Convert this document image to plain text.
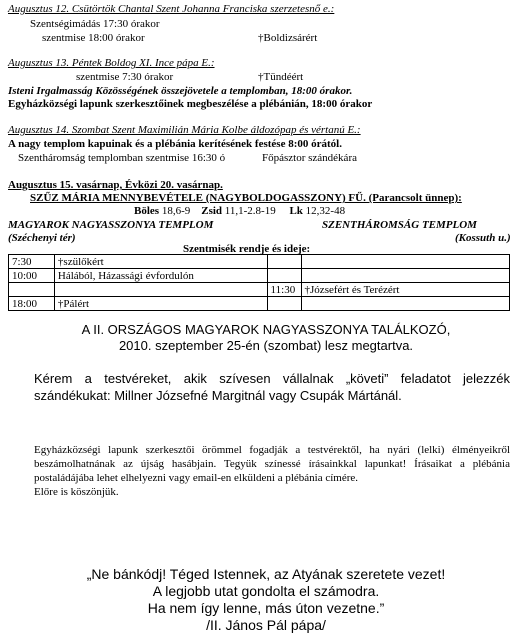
Augusztus 12. Csütörtök Chantal Szent Johanna Franciska szerzetesnő e.:
Szentségimádás 17:30 órakor
szentmise 18:00 órakor	†Boldizsárért
Augusztus 13. Péntek Boldog XI. Ince pápa E.:
szentmise 7:30 órakor	†Tündéért
Isteni Irgalmasság Közösségének összejövetele a templomban, 18:00 órakor.
Egyházközségi lapunk szerkesztőinek megbeszélése a plébánián, 18:00 órakor
Augusztus 14. Szombat Szent Maximilián Mária Kolbe áldozópap és vértanú E.:
A nagy templom kapuinak és a plébánia kerítésének festése 8:00 órától.
Szentháromság templomban szentmise 16:30 ó	Főpásztor szándékára
Augusztus 15. vasárnap, Évközi 20. vasárnap.
SZŰZ MÁRIA MENNYBEVÉTELE (NAGYBOLDOGASSZONY) FŰ. (Parancsolt ünnep):
Böles 18,6-9 Zsid 11,1-2.8-19 Lk 12,32-48
MAGYAROK NAGYASSZONYA TEMPLOM	SZENTHÁROMSÁG TEMPLOM
(Széchenyi tér)	(Kossuth u.)
Szentmisék rendje és ideje:
7:30	†szülőkért		
10:00	Hálából, Házassági évfordulón		
		11:30	†Józsefért és Terézért
18:00	†Pálért		
A II. ORSZÁGOS MAGYAROK NAGYASSZONYA TALÁLKOZÓ,
2010. szeptember 25-én (szombat) lesz megtartva.
Kérem a testvéreket, akik szívesen vállalnak „követi” feladatot jelezzék szándékukat: Millner Józsefné Margitnál vagy Csupák Mártánál.
Egyházközségi lapunk szerkesztői örömmel fogadják a testvérektől, ha nyári (lelki) élményeikről beszámolhatnának az újság hasábjain. Tegyük színessé írásainkkal lapunkat! Írásaikat a plébánia postaládájába lehet elhelyezni vagy email-en elküldeni a plébánia címére.
Előre is köszönjük.
„Ne bánkódj! Téged Istennek, az Atyának szeretete vezet!
A legjobb utat gondolta el számodra.
Ha nem így lenne, más úton vezetne.”
/II. János Pál pápa/
